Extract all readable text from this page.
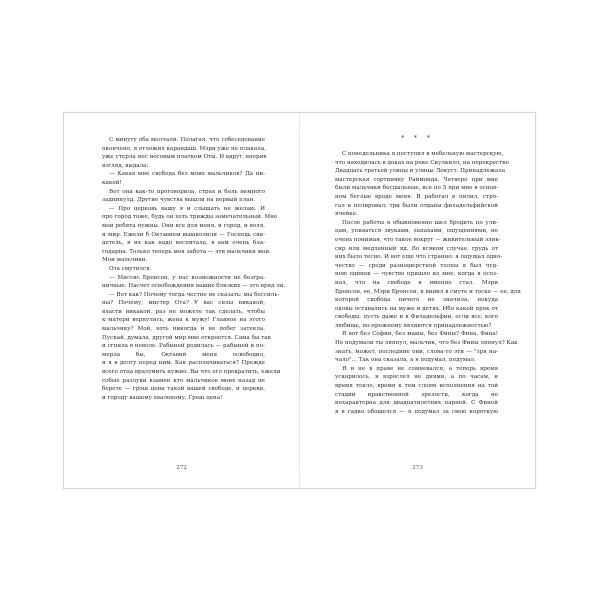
С минуту оба молчали. Полагая, что собеседование
окончено, я отложил карандаш. Мэри уже не плакала,
уже утерла нос носовым платком Оты. И вдруг, вперив
взгляд, выдала:
— Какая мне свобода без моих мальчиков? Да ни-
какой!
Вот она как-то проговорила, страх и боль немного
заднинулд. Другие чувства вышли на первый план.
— Про церковь вашу я и слышать не желаю. И
про город тоже, будь он хоть трижды замечательный. Мне
мои ребята нужны. Они все для меня, и город, и воля,
и мир. Ежели б Октавием вышколили — Господь сви-
детель, я их как надо воспитала, в вам очень бла-
годарна. Только теперь моя забота — эти мальчики мои.
Мои мальчики.
Ота смутился.
— Миссис Бронсон, у нас возможности не безгра-
ничные. Насчет освобождения ваших близких — это вряд ли.
— Вот как? Почему тогда честно не сказать: мы бессиль-
ны? Почему, мистер Ота? У вас силы никакой,
власти никакой, раз не можете так сделать, чтобы
к матери вернулись, жена к мужу! Главное на этого
мальчику? Мой, хоть никогда и не побег затекла.
Пускай, думала, другой мир мне откроется. Сама бы так
и сгнила в неволе. Рабыней родилась — рабыней и по-
мерла бы, Октавий меня освободил,
и я в долгу перед ним. Как расплачиваться? Прежде
всего отца вразумить нужно. Вы что его прекратить, ежели
собые разлуки взамен кто мальчиков моих назад не
берете — грош цена такой вашей свободе, и церкви,
и городу вашему хваленому. Грош цена!
272
* * *
С понедельника я поступил в мебельную мастерскую,
что находилась в доках на реке Скулкилл, на перекрестке
Двадцать третьей улицы и улицы Локуст. Принадлежала
мастерская сортинику Раймонда, Четверо при мне
были мальчики бесцыльные, все по 5 при мне в основ-
ном беглые вроде меня. Я работал в пилил, стро-
гал и полировал; три были отданы филадельфийской
ячейке.
После работы я обыкновенно шел бродить по ули-
цам, упиваться звуками, запахами, ощущениями, не
очень понимая, что такое вокруг — живительный элик-
сир или медленный яд. Во всяком случае, грудь от
них было тесно. И вот еще что странно: я ощущал одно-
чество — среди разношерстной толпы я был чуд-
ною одинок — чувство пришло ко мне, когда я осоз-
нал, что на свободе я именно стал. Мэри
Бронсон, ее, Мэри Бронсон, я винил в смуте и тоске — ее, для
которой свобода ничего не значила, покуда
оковы оставались на муже и детях. Ибо какой прок от
свободы, пусть даже и в Филадельфии, если все, кого
любишь, по-прежнему являются принадлежностью?
Я вот без Софии, без мамы, без Фины? Фина, Фина!
Не подумали ты ляпнул, мальчик, что без Фины ляпнул? Как
знать, может, последние они, слова-то эти — "зря на-
чало"... Так она сказала, а я подумал, подумал.
Я и не в праве не сомневался, а теперь время
ускорилось, я взрослел не днями, а по часам, и
время текло, время к тем слоям исполнения на той
стадии нравственной зрелости, когда не
нехарактерна для двадцатилетних парней. С Финой
я в гадко обошелся — я подумал за свою короткую
273
